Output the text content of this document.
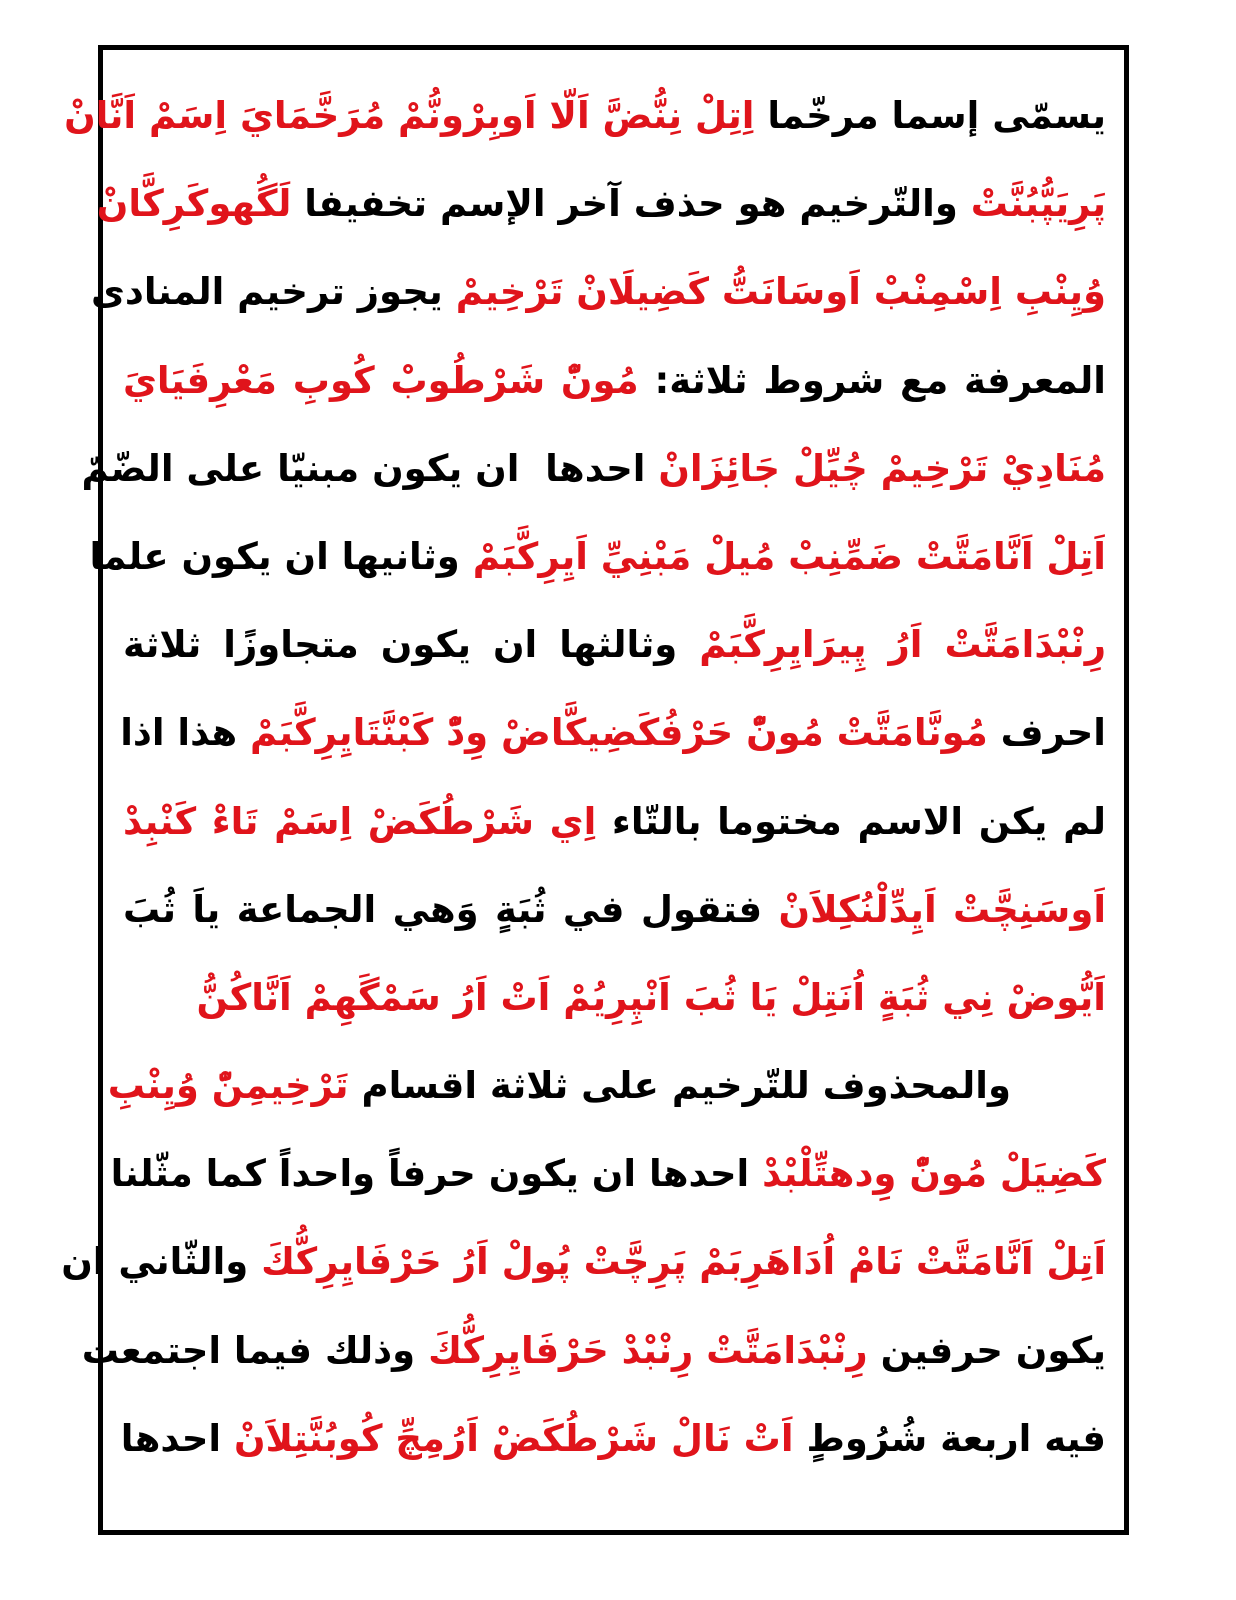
يسمّى إسما مرخّما اِتِلْ نِنُّضَّ اَلّا اَوبِرْونُّمْ مُرَخَّمَايَ اِسَمْ اَنَّانْ
پَرِيَپُّبُنَّتْ والتّرخيم هو حذف آخر الإسم تخفيفا لَگُهوكَرِكَّانْ
وُيِنْبِ اِسْمِنْبْ اَوسَانَتُّ كَضِيلَانْ تَرْخِيمْ يجوز ترخيم المنادى
المعرفة مع شروط ثلاثة: مُونّْ شَرْطُوبْ كُوبِ مَعْرِفَيَايَ
مُنَادِيْ تَرْخِيمْ چُيِّلْ جَائِزَانْ احدها  ان يكون مبنيّا على الضّمّ
اَتِلْ اَنَّامَتَّتْ ضَمِّنِبْ مُيلْ مَبْنِيِّ اَيِرِكَّبَمْ وثانيها ان يكون علما
رِنْبْدَامَتَّتْ اَرُ پِيرَايِرِكَّبَمْ وثالثها ان يكون متجاوزًا ثلاثة
احرف مُونَّامَتَّتْ مُونّْ حَرْفُكَضِيكَّاضْ وِدّْ كَبْنَّتَايِرِكَّبَمْ هذا اذا
لم يكن الاسم مختوما بالتّاء اِي شَرْطُكَضْ اِسَمْ تَاءْ كَنْبِدْ
اَوسَنِچَّتْ اَيِدِّلْنُكِلاَنْ فتقول في ثُبَةٍ وَهي الجماعة ياَ ثُبَ
اَيُّوضْ نِي ثُبَةٍ اُنَتِلْ يَا ثُبَ اَنْپِرِيُمْ اَتْ اَرُ سَمْگَهِمْ اَنَّاكُنُّ
والمحذوف للتّرخيم على ثلاثة اقسام تَرْخِيمِنّْ وُيِنْبِ
كَضِيَلْ مُونّْ وِدهتِّلْبْدْ احدها ان يكون حرفاً واحداً كما مثّلنا
اَتِلْ اَنَّامَتَّتْ نَامْ اُدَاهَرِبَمْ پَرِچَّتْ پُولْ اَرُ حَرْفَايِرِكُّكَ والثّاني ان
يكون حرفين رِنْبْدَامَتَّتْ رِنْبْدْ حَرْفَايِرِكُّكَ وذلك فيما اجتمعت
فيه اربعة شُرُوطٍ اَتْ نَالْ شَرْطُكَضْ اَرُمِچِّ كُوبُنَّتِلاَنْ احدها
